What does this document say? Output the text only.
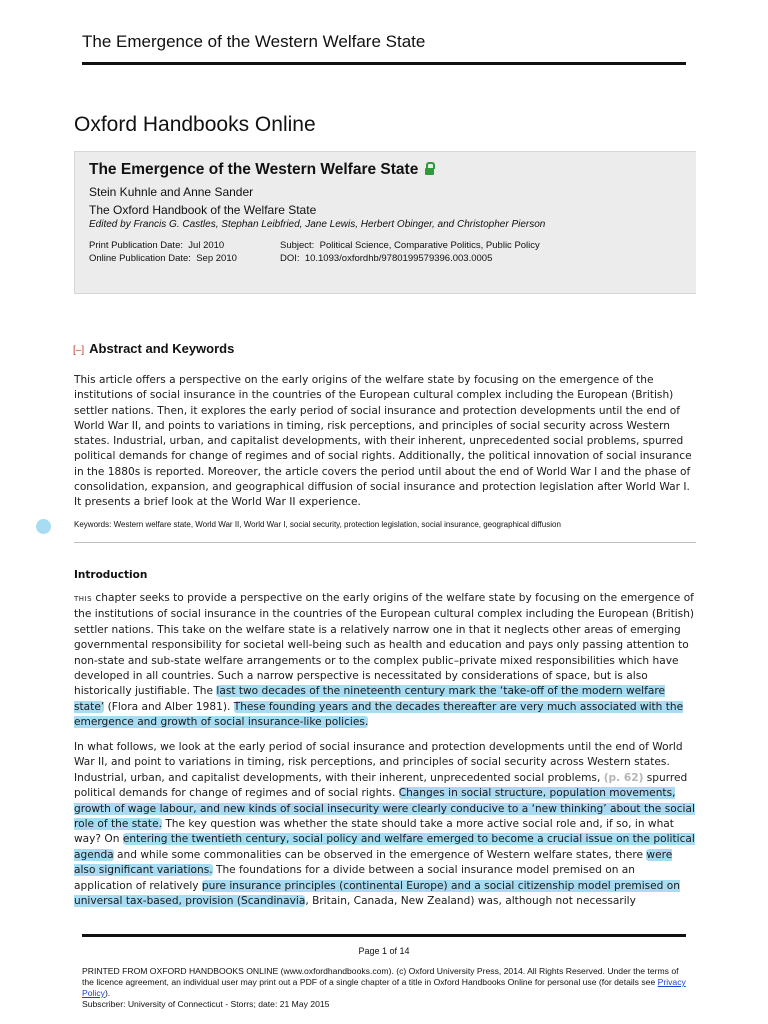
The Emergence of the Western Welfare State
Oxford Handbooks Online
The Emergence of the Western Welfare State
Stein Kuhnle and Anne Sander
The Oxford Handbook of the Welfare State
Edited by Francis G. Castles, Stephan Leibfried, Jane Lewis, Herbert Obinger, and Christopher Pierson
Print Publication Date: Jul 2010
Online Publication Date: Sep 2010
Subject: Political Science, Comparative Politics, Public Policy
DOI: 10.1093/oxfordhb/9780199579396.003.0005
[–] Abstract and Keywords
This article offers a perspective on the early origins of the welfare state by focusing on the emergence of the institutions of social insurance in the countries of the European cultural complex including the European (British) settler nations. Then, it explores the early period of social insurance and protection developments until the end of World War II, and points to variations in timing, risk perceptions, and principles of social security across Western states. Industrial, urban, and capitalist developments, with their inherent, unprecedented social problems, spurred political demands for change of regimes and of social rights. Additionally, the political innovation of social insurance in the 1880s is reported. Moreover, the article covers the period until about the end of World War I and the phase of consolidation, expansion, and geographical diffusion of social insurance and protection legislation after World War I. It presents a brief look at the World War II experience.
Keywords: Western welfare state, World War II, World War I, social security, protection legislation, social insurance, geographical diffusion
Introduction
THIS chapter seeks to provide a perspective on the early origins of the welfare state by focusing on the emergence of the institutions of social insurance in the countries of the European cultural complex including the European (British) settler nations. This take on the welfare state is a relatively narrow one in that it neglects other areas of emerging governmental responsibility for societal well-being such as health and education and pays only passing attention to non-state and sub-state welfare arrangements or to the complex public–private mixed responsibilities which have developed in all countries. Such a narrow perspective is necessitated by considerations of space, but is also historically justifiable. The last two decades of the nineteenth century mark the ‘take-off of the modern welfare state’ (Flora and Alber 1981). These founding years and the decades thereafter are very much associated with the emergence and growth of social insurance-like policies.
In what follows, we look at the early period of social insurance and protection developments until the end of World War II, and point to variations in timing, risk perceptions, and principles of social security across Western states. Industrial, urban, and capitalist developments, with their inherent, unprecedented social problems, (p. 62) spurred political demands for change of regimes and of social rights. Changes in social structure, population movements, growth of wage labour, and new kinds of social insecurity were clearly conducive to a ‘new thinking’ about the social role of the state. The key question was whether the state should take a more active social role and, if so, in what way? On entering the twentieth century, social policy and welfare emerged to become a crucial issue on the political agenda and while some commonalities can be observed in the emergence of Western welfare states, there were also significant variations. The foundations for a divide between a social insurance model premised on an application of relatively pure insurance principles (continental Europe) and a social citizenship model premised on universal tax-based, provision (Scandinavia, Britain, Canada, New Zealand) was, although not necessarily
Page 1 of 14
PRINTED FROM OXFORD HANDBOOKS ONLINE (www.oxfordhandbooks.com). (c) Oxford University Press, 2014. All Rights Reserved. Under the terms of the licence agreement, an individual user may print out a PDF of a single chapter of a title in Oxford Handbooks Online for personal use (for details see Privacy Policy).
Subscriber: University of Connecticut - Storrs; date: 21 May 2015
